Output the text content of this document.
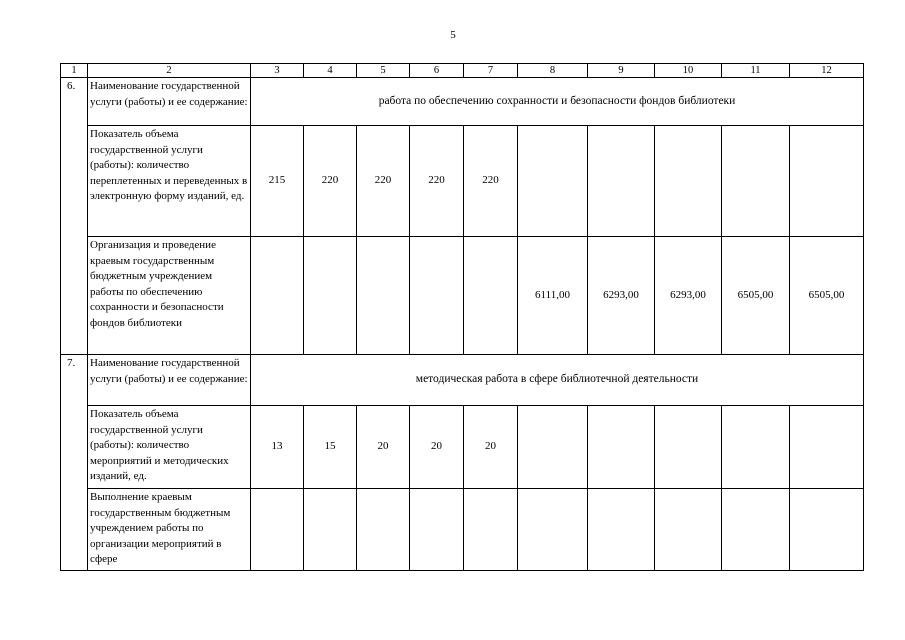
5
1	2	3	4	5	6	7	8	9	10	11	12
6.	Наименование государственной услуги (работы) и ее содержание:	работа по обеспечению сохранности и безопасности фондов библиотеки									
	Показатель объема государственной услуги (работы): количество переплетенных и переведенных в электронную форму изданий, ед.	215	220	220	220	220					
	Организация и проведение краевым государственным бюджетным учреждением работы по обеспечению сохранности и безопасности фондов библиотеки						6111,00	6293,00	6293,00	6505,00	6505,00
7.	Наименование государственной услуги (работы) и ее содержание:	методическая работа в сфере библиотечной деятельности									
	Показатель объема государственной услуги (работы): количество мероприятий и методических изданий, ед.	13	15	20	20	20					
	Выполнение краевым государственным бюджетным учреждением работы по организации мероприятий в сфере										
